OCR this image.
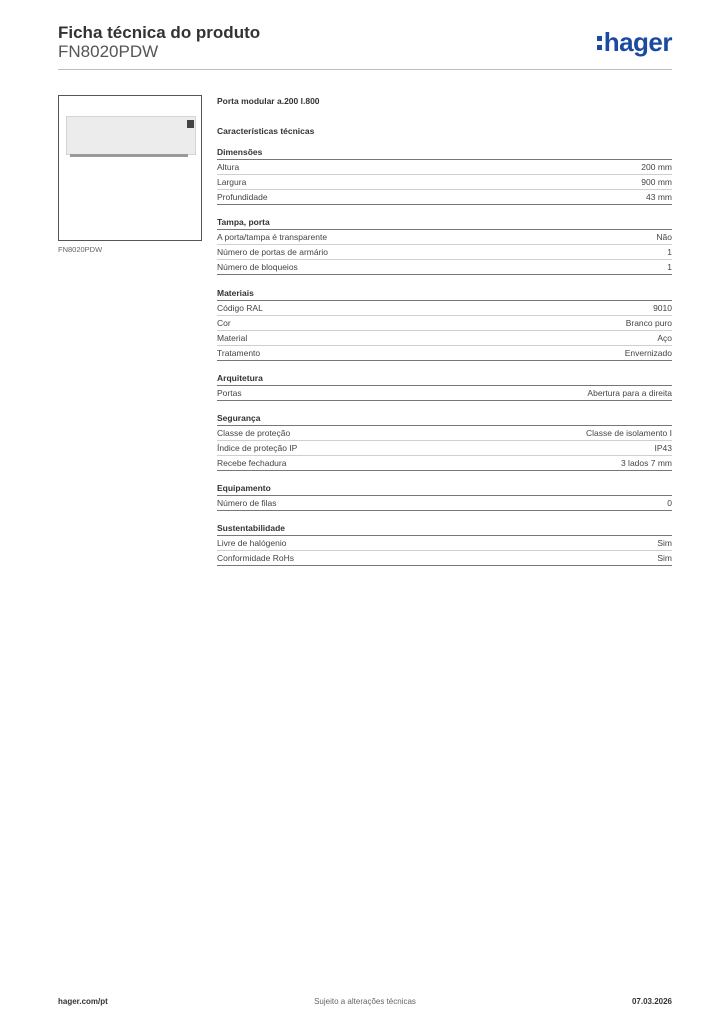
Ficha técnica do produto
FN8020PDW	hager
FN8020PDW
Porta modular a.200 l.800
Características técnicas
Dimensões
Altura	200 mm
Largura	900 mm
Profundidade	43 mm
Tampa, porta
A porta/tampa é transparente	Não
Número de portas de armário	1
Número de bloqueios	1
Materiais
Código RAL	9010
Cor	Branco puro
Material	Aço
Tratamento	Envernizado
Arquitetura
Portas	Abertura para a direita
Segurança
Classe de proteção	Classe de isolamento I
Índice de proteção IP	IP43
Recebe fechadura	3 lados 7 mm
Equipamento
Número de filas	0
Sustentabilidade
Livre de halógenio	Sim
Conformidade RoHs	Sim
hager.com/pt	Sujeito a alterações técnicas	07.03.2026
